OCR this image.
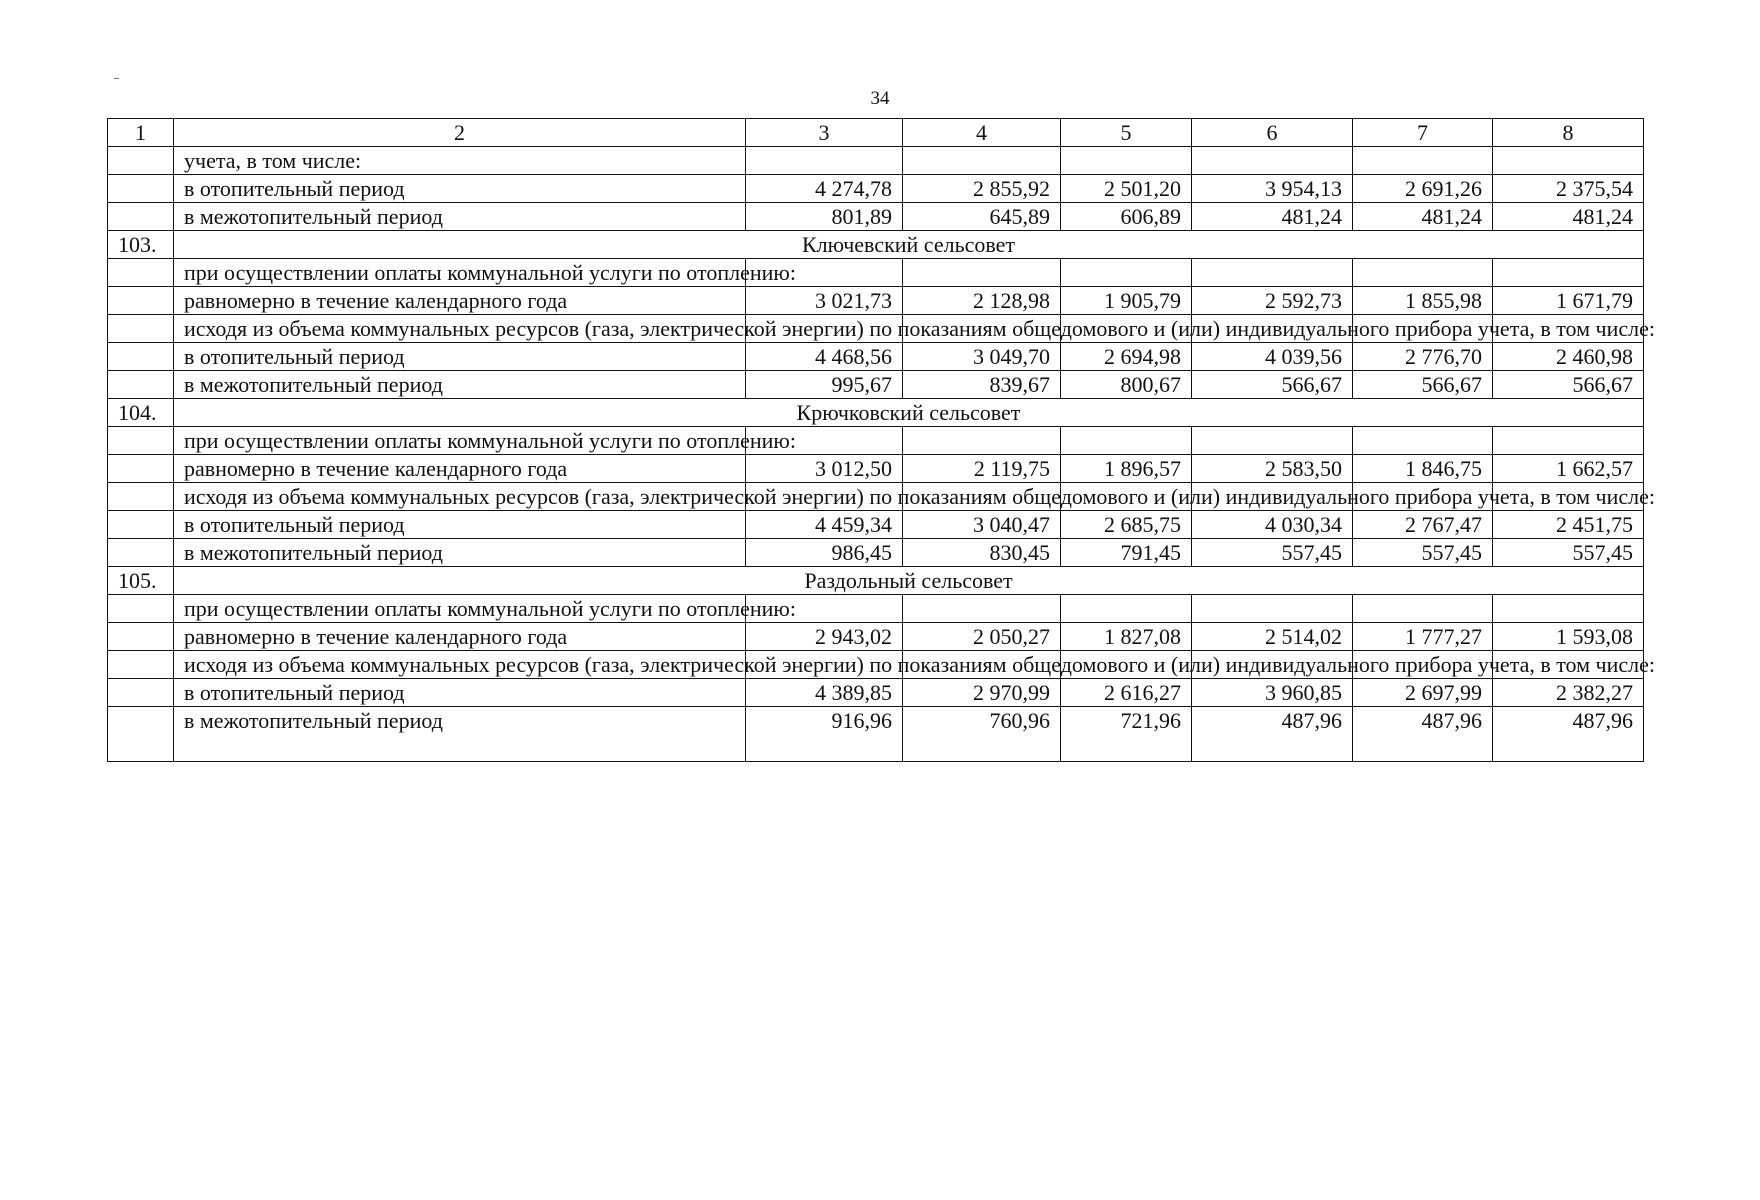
34
1	2	3	4	5	6	7	8
	учета, в том числе:						
	в отопительный период	4 274,78	2 855,92	2 501,20	3 954,13	2 691,26	2 375,54
	в межотопительный период	801,89	645,89	606,89	481,24	481,24	481,24
103.	Ключевский сельсовет						
	при осуществлении оплаты коммунальной услуги по отоплению:						
	равномерно в течение календарного года	3 021,73	2 128,98	1 905,79	2 592,73	1 855,98	1 671,79
	исходя из объема коммунальных ресурсов (газа, электрической энергии) по показаниям общедомового и (или) индивидуального прибора учета, в том числе:						
	в отопительный период	4 468,56	3 049,70	2 694,98	4 039,56	2 776,70	2 460,98
	в межотопительный период	995,67	839,67	800,67	566,67	566,67	566,67
104.	Крючковский сельсовет						
	при осуществлении оплаты коммунальной услуги по отоплению:						
	равномерно в течение календарного года	3 012,50	2 119,75	1 896,57	2 583,50	1 846,75	1 662,57
	исходя из объема коммунальных ресурсов (газа, электрической энергии) по показаниям общедомового и (или) индивидуального прибора учета, в том числе:						
	в отопительный период	4 459,34	3 040,47	2 685,75	4 030,34	2 767,47	2 451,75
	в межотопительный период	986,45	830,45	791,45	557,45	557,45	557,45
105.	Раздольный сельсовет						
	при осуществлении оплаты коммунальной услуги по отоплению:						
	равномерно в течение календарного года	2 943,02	2 050,27	1 827,08	2 514,02	1 777,27	1 593,08
	исходя из объема коммунальных ресурсов (газа, электрической энергии) по показаниям общедомового и (или) индивидуального прибора учета, в том числе:						
	в отопительный период	4 389,85	2 970,99	2 616,27	3 960,85	2 697,99	2 382,27
	в межотопительный период	916,96	760,96	721,96	487,96	487,96	487,96
